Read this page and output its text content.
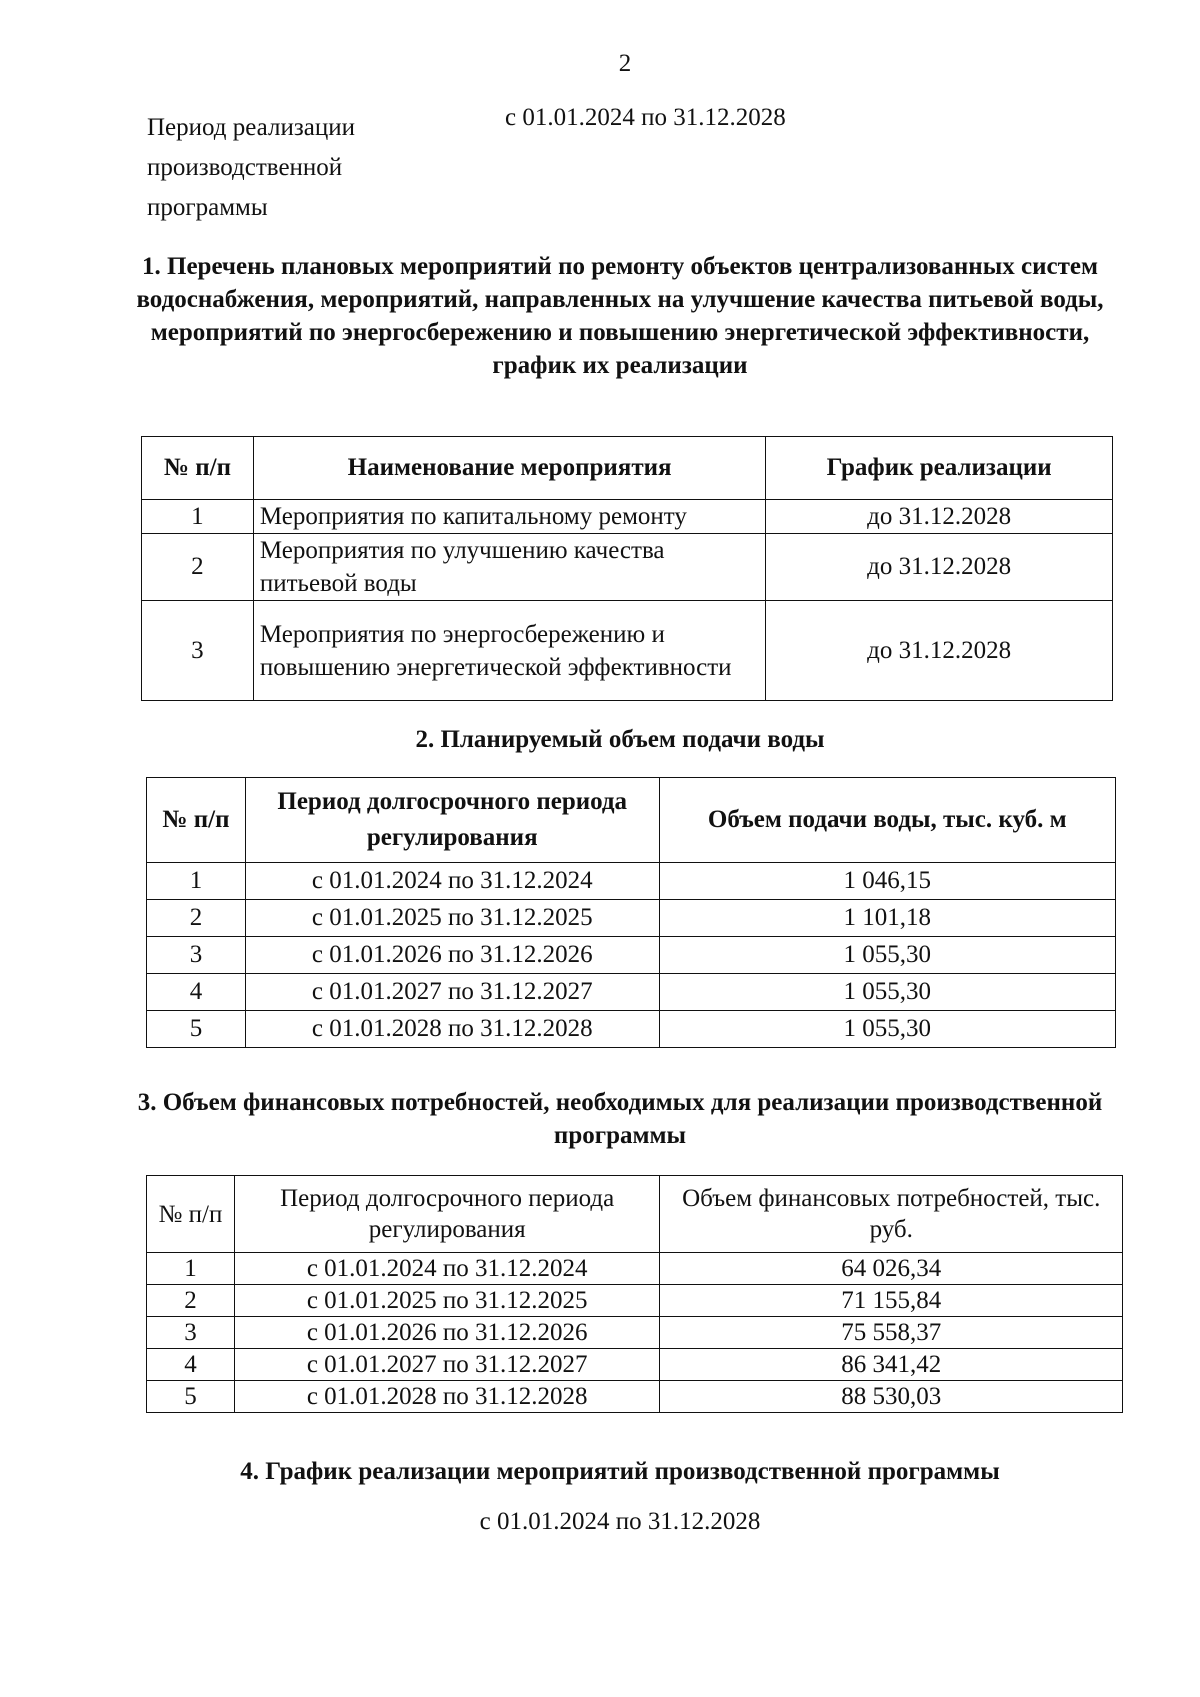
2
Период реализации производственной программы
с 01.01.2024 по 31.12.2028
1. Перечень плановых мероприятий по ремонту объектов централизованных систем водоснабжения, мероприятий, направленных на улучшение качества питьевой воды, мероприятий по энергосбережению и повышению энергетической эффективности, график их реализации
№ п/п	Наименование мероприятия	График реализации
1	Мероприятия по капитальному ремонту	до 31.12.2028
2	Мероприятия по улучшению качества питьевой воды	до 31.12.2028
3	Мероприятия по энергосбережению и повышению энергетической эффективности	до 31.12.2028
2. Планируемый объем подачи воды
№ п/п	Период долгосрочного периода регулирования	Объем подачи воды, тыс. куб. м
1	с 01.01.2024 по 31.12.2024	1 046,15
2	с 01.01.2025 по 31.12.2025	1 101,18
3	с 01.01.2026 по 31.12.2026	1 055,30
4	с 01.01.2027 по 31.12.2027	1 055,30
5	с 01.01.2028 по 31.12.2028	1 055,30
3. Объем финансовых потребностей, необходимых для реализации производственной программы
№ п/п	Период долгосрочного периода регулирования	Объем финансовых потребностей, тыс. руб.
1	с 01.01.2024 по 31.12.2024	64 026,34
2	с 01.01.2025 по 31.12.2025	71 155,84
3	с 01.01.2026 по 31.12.2026	75 558,37
4	с 01.01.2027 по 31.12.2027	86 341,42
5	с 01.01.2028 по 31.12.2028	88 530,03
4. График реализации мероприятий производственной программы
с 01.01.2024 по 31.12.2028
